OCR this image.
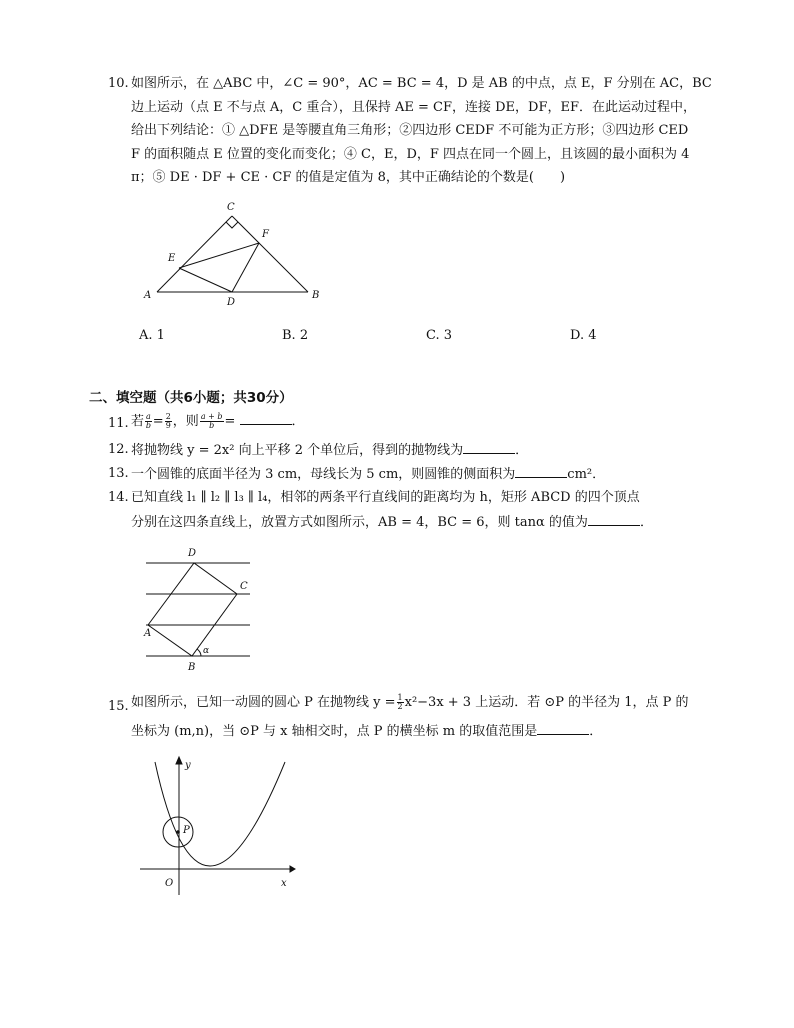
10. 如图所示，在 △ABC 中，∠C = 90°，AC = BC = 4，D 是 AB 的中点，点 E，F 分别在 AC，BC
边上运动（点 E 不与点 A，C 重合），且保持 AE = CF，连接 DE，DF，EF．在此运动过程中，
给出下列结论：① △DFE 是等腰直角三角形；②四边形 CEDF 不可能为正方形；③四边形 CED
F 的面积随点 E 位置的变化而变化；④ C，E，D，F 四点在同一个圆上，且该圆的最小面积为 4
π；⑤ DE · DF + CE · CF 的值是定值为 8，其中正确结论的个数是(　　)
A	B
C
D
E
F
A. 1	B. 2	C. 3	D. 4
二、填空题（共6小题；共30分）
11. 若 $\frac{a}{b} = \frac{2}{9}$ ，则 $\frac{a + b}{b}$ =	．
12. 将抛物线 y = 2x² 向上平移 2 个单位后，得到的抛物线为	．
13. 一个圆锥的底面半径为 3 cm，母线长为 5 cm，则圆锥的侧面积为	cm²．
14. 已知直线 l₁ ∥ l₂ ∥ l₃ ∥ l₄，相邻的两条平行直线间的距离均为 h，矩形 ABCD 的四个顶点
分别在这四条直线上，放置方式如图所示，AB = 4，BC = 6，则 tanα 的值为	．
D
C
A
B
α
15. 如图所示，已知一动圆的圆心 P 在抛物线 $y = \frac{1}{2} x^2-3x + 3$ 上运动．若 ⊙P 的半径为 1，点 P 的
坐标为 (m,n)，当 ⊙P 与 x 轴相交时，点 P 的横坐标 m 的取值范围是	．
y
x
O
P
